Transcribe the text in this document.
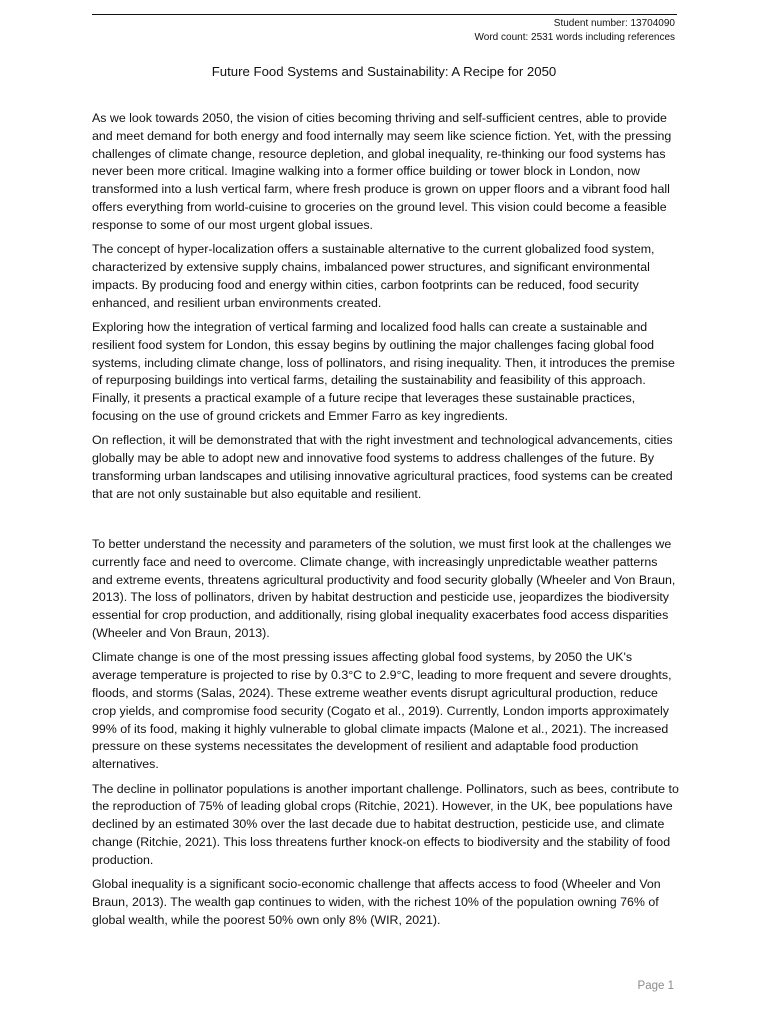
Student number: 13704090
Word count: 2531 words including references
Future Food Systems and Sustainability: A Recipe for 2050

As we look towards 2050, the vision of cities becoming thriving and self-sufficient centres, able to provide and meet demand for both energy and food internally may seem like science fiction. Yet, with the pressing challenges of climate change, resource depletion, and global inequality, re-thinking our food systems has never been more critical. Imagine walking into a former office building or tower block in London, now transformed into a lush vertical farm, where fresh produce is grown on upper floors and a vibrant food hall offers everything from world-cuisine to groceries on the ground level. This vision could become a feasible response to some of our most urgent global issues.

The concept of hyper-localization offers a sustainable alternative to the current globalized food system, characterized by extensive supply chains, imbalanced power structures, and significant environmental impacts. By producing food and energy within cities, carbon footprints can be reduced, food security enhanced, and resilient urban environments created.

Exploring how the integration of vertical farming and localized food halls can create a sustainable and resilient food system for London, this essay begins by outlining the major challenges facing global food systems, including climate change, loss of pollinators, and rising inequality. Then, it introduces the premise of repurposing buildings into vertical farms, detailing the sustainability and feasibility of this approach. Finally, it presents a practical example of a future recipe that leverages these sustainable practices, focusing on the use of ground crickets and Emmer Farro as key ingredients.

On reflection, it will be demonstrated that with the right investment and technological advancements, cities globally may be able to adopt new and innovative food systems to address challenges of the future. By transforming urban landscapes and utilising innovative agricultural practices, food systems can be created that are not only sustainable but also equitable and resilient.

To better understand the necessity and parameters of the solution, we must first look at the challenges we currently face and need to overcome. Climate change, with increasingly unpredictable weather patterns and extreme events, threatens agricultural productivity and food security globally (Wheeler and Von Braun, 2013). The loss of pollinators, driven by habitat destruction and pesticide use, jeopardizes the biodiversity essential for crop production, and additionally, rising global inequality exacerbates food access disparities (Wheeler and Von Braun, 2013).

Climate change is one of the most pressing issues affecting global food systems, by 2050 the UK's average temperature is projected to rise by 0.3°C to 2.9°C, leading to more frequent and severe droughts, floods, and storms (Salas, 2024). These extreme weather events disrupt agricultural production, reduce crop yields, and compromise food security (Cogato et al., 2019). Currently, London imports approximately 99% of its food, making it highly vulnerable to global climate impacts (Malone et al., 2021). The increased pressure on these systems necessitates the development of resilient and adaptable food production alternatives.

The decline in pollinator populations is another important challenge. Pollinators, such as bees, contribute to the reproduction of 75% of leading global crops (Ritchie, 2021). However, in the UK, bee populations have declined by an estimated 30% over the last decade due to habitat destruction, pesticide use, and climate change (Ritchie, 2021). This loss threatens further knock-on effects to biodiversity and the stability of food production.

Global inequality is a significant socio-economic challenge that affects access to food (Wheeler and Von Braun, 2013). The wealth gap continues to widen, with the richest 10% of the population owning 76% of global wealth, while the poorest 50% own only 8% (WIR, 2021).

Page 1
